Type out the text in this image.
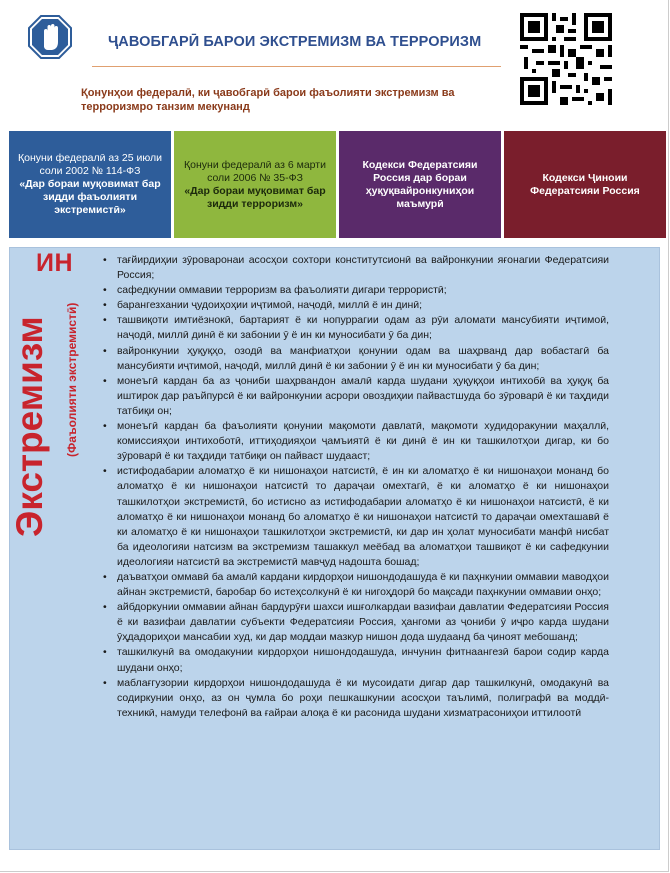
ҶАВОБГАРӢ БАРОИ ЭКСТРЕМИЗМ ВА ТЕРРОРИЗМ
Қонунҳои федералӣ, ки ҷавобгарӣ барои фаъолияти экстремизм ва терроризмро танзим мекунанд
Қонуни федералӣ аз 25 июли соли 2002 № 114-ФЗ
«Дар бораи муқовимат бар зидди фаъолияти экстремистӣ»
Қонуни федералӣ аз 6 марти соли 2006 № 35-ФЗ
«Дар бораи муқовимат бар зидди терроризм»
Кодекси Федератсияи Россия дар бораи ҳуқуқвайронкуниҳои маъмурӣ
Кодекси Ҷиноии Федератсияи Россия
ИН
Экстремизм (Фаъолияти экстремистӣ)
• тағйирдиҳии зӯроваронаи асосҳои сохтори конститутсионӣ ва вайронкунии яғонагии Федератсияи Россия;
• сафедкунии оммавии терроризм ва фаъолияти дигари террористӣ;
• барангезхании ҷудоиҳоҳии иҷтимоӣ, наҷодӣ, миллӣ ё ин динӣ;
• ташвиқоти имтиёзнокӣ, бартарият ё ки нопуррагии одам аз рӯи аломати мансубияти иҷтимоӣ, наҷодӣ, миллӣ динӣ ё ки забонии ӯ ё ин ки муносибати ӯ ба дин;
• вайронкунии ҳуқуқҳо, озодӣ ва манфиатҳои қонунии одам ва шаҳрванд дар вобастагӣ ба мансубияти иҷтимоӣ, наҷодӣ, миллӣ динӣ ё ки забонии ӯ ё ин ки муносибати ӯ ба дин;
• монеъгӣ кардан ба аз ҷониби шаҳрвандон амалӣ карда шудани ҳуқуқҳои интихобӣ ва ҳуқуқ ба иштирок дар раъйпурсӣ ё ки вайронкунии асрори овоздиҳии пайвастшуда бо зӯроварӣ ё ки таҳдиди татбиқи он;
• монеъгӣ кардан ба фаъолияти қонунии мақомоти давлатӣ, мақомоти худидоракунии маҳаллӣ, комиссияҳои интихоботӣ, иттиҳодияҳои ҷамъиятӣ ё ки динӣ ё ин ки ташкилотҳои дигар, ки бо зӯроварӣ ё ки таҳдиди татбиқи он пайваст шудааст;
• истифодабарии аломатҳо ё ки нишонаҳои натсистӣ, ё ин ки аломатҳо ё ки нишонаҳои монанд бо аломатҳо ё ки нишонаҳои натсистӣ то дараҷаи омехтагӣ, ё ки аломатҳо ё ки нишонаҳои ташкилотҳои экстремистӣ, бо истисно аз истифодабарии аломатҳо ё ки нишонаҳои натсистӣ, ё ки аломатҳо ё ки нишонаҳои монанд бо аломатҳо ё ки нишонаҳои натсистӣ то дараҷаи омехташавӣ ё ки аломатҳо ё ки нишонаҳои ташкилотҳои экстремистӣ, ки дар ин ҳолат муносибати манфӣ нисбат ба идеологияи натсизм ва экстремизм ташаккул меёбад ва аломатҳои ташвиқот ё ки сафедкунии идеологияи натсистӣ ва экстремистӣ мавҷуд надошта бошад;
• даъватҳои оммавӣ ба амалӣ кардани кирдорҳои нишондодашуда ё ки паҳнкунии оммавии маводҳои айнан экстремистӣ, баробар бо истеҳсолкунӣ ё ки нигоҳдорӣ бо мақсади паҳнкунии оммавии онҳо;
• айбдоркунии оммавии айнан бардурӯғи шахси ишғолкардаи вазифаи давлатии Федератсияи Россия ё ки вазифаи давлатии субъекти Федератсияи Россия, ҳангоми аз ҷониби ӯ иҷро карда шудани ӯҳдадориҳои мансабии худ, ки дар моддаи мазкур нишон дода шудаанд ба ҷиноят мебошанд;
• ташкилкунӣ ва омодакунии кирдорҳои нишондодашуда, инчунин фитнаангезӣ барои содир карда шудани онҳо;
• маблағгузории кирдорҳои нишондодашуда ё ки мусоидати дигар дар ташкилкунӣ, омодакунӣ ва содиркунии онҳо, аз он ҷумла бо роҳи пешкашкунии асосҳои таълимӣ, полиграфӣ ва моддӣ-техникӣ, намуди телефонӣ ва ғайраи алоқа ё ки расонида шудани хизматрасониҳои иттилоотӣ
